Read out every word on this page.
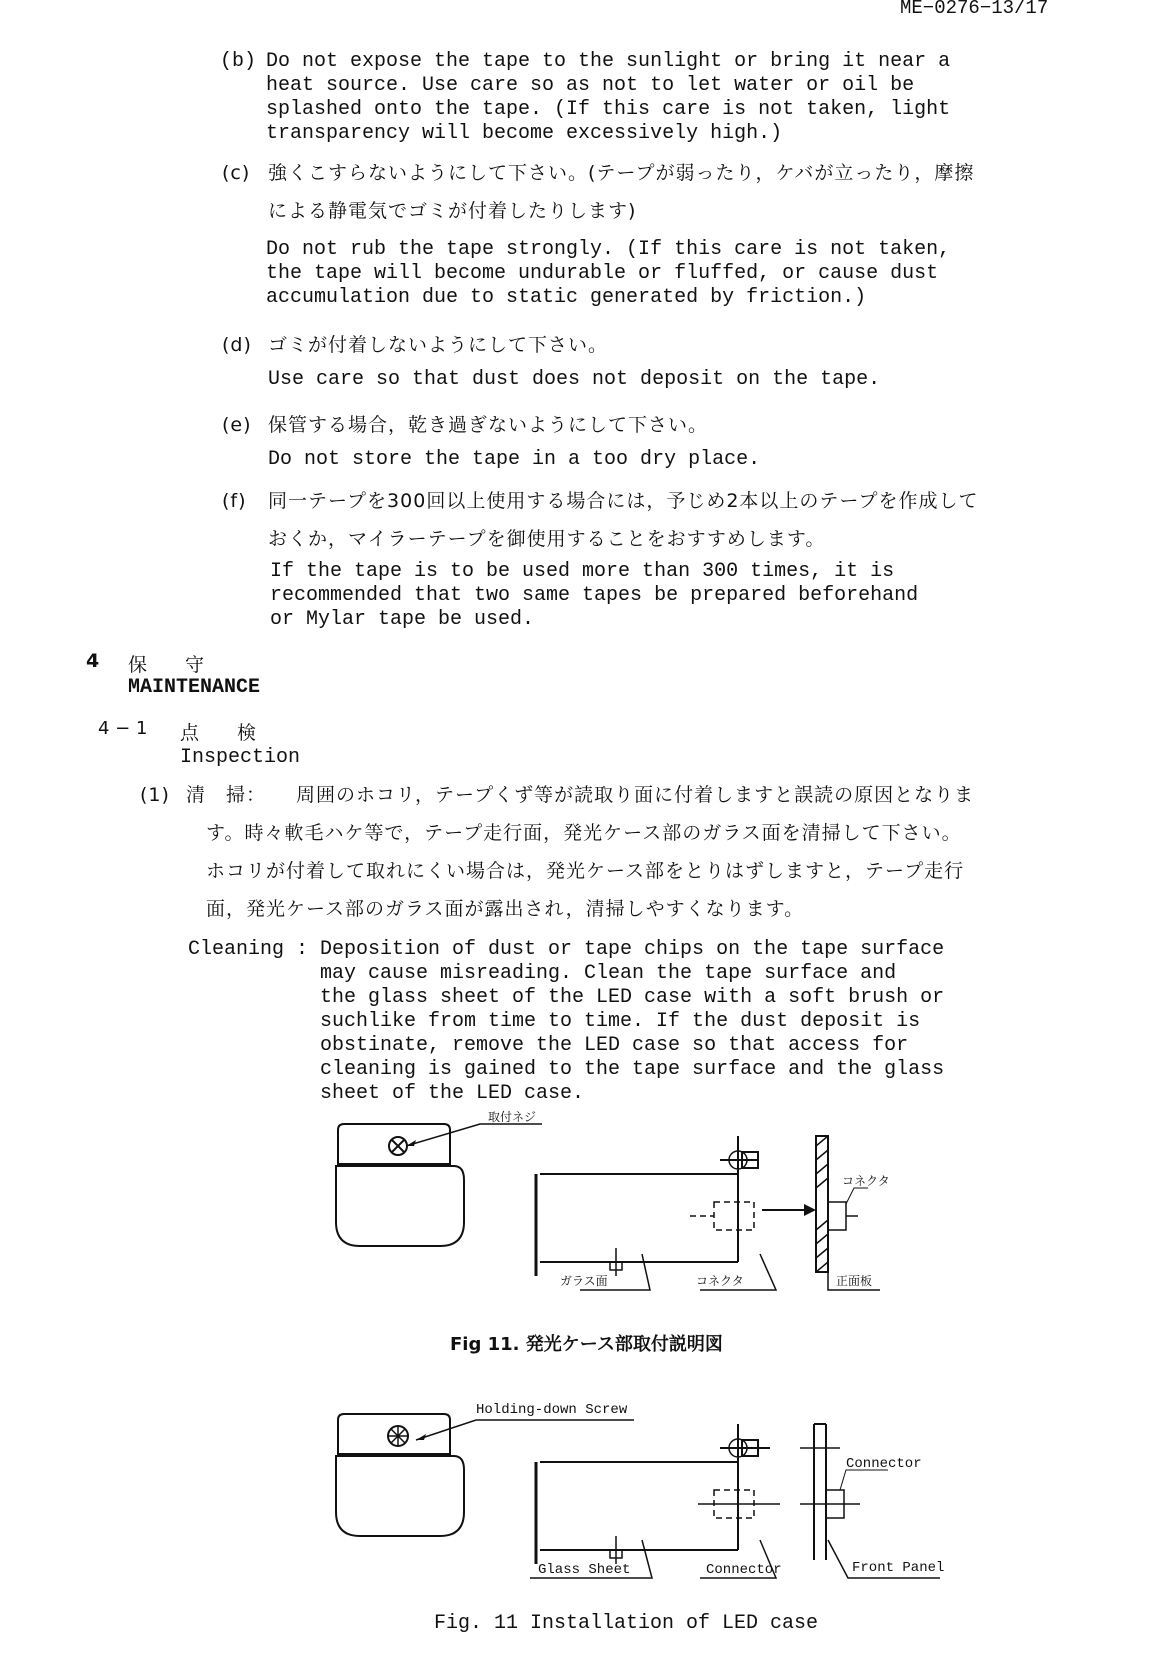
ME−0276−13/17
(b) Do not expose the tape to the sunlight or bring it near a
heat source. Use care so as not to let water or oil be
splashed onto the tape. (If this care is not taken, light
transparency will become excessively high.)
(c) 強くこすらないようにして下さい。(テープが弱ったり，ケバが立ったり，摩擦
による静電気でゴミが付着したりします)
Do not rub the tape strongly. (If this care is not taken,
the tape will become undurable or fluffed, or cause dust
accumulation due to static generated by friction.)
(d) ゴミが付着しないようにして下さい。
Use care so that dust does not deposit on the tape.
(e) 保管する場合，乾き過ぎないようにして下さい。
Do not store the tape in a too dry place.
(f) 同一テープを300回以上使用する場合には，予じめ2本以上のテープを作成して
おくか，マイラーテープを御使用することをおすすめします。
If the tape is to be used more than 300 times, it is
recommended that two same tapes be prepared beforehand
or Mylar tape be used.
4 保　　守
MAINTENANCE
4 − 1 点　　検
Inspection
(1) 清　掃： 周囲のホコリ，テープくず等が読取り面に付着しますと誤読の原因となりま
す。時々軟毛ハケ等で，テープ走行面，発光ケース部のガラス面を清掃して下さい。
ホコリが付着して取れにくい場合は，発光ケース部をとりはずしますと，テープ走行
面，発光ケース部のガラス面が露出され，清掃しやすくなります。
Cleaning : Deposition of dust or tape chips on the tape surface
may cause misreading. Clean the tape surface and
the glass sheet of the LED case with a soft brush or
suchlike from time to time. If the dust deposit is
obstinate, remove the LED case so that access for
cleaning is gained to the tape surface and the glass
sheet of the LED case.
取付ネジ
コネクタ
ガラス面	コネクタ	正面板
Fig 11. 発光ケース部取付説明図
Holding-down Screw
Connector
Glass Sheet	Connector	Front Panel
Fig. 11 Installation of LED case
